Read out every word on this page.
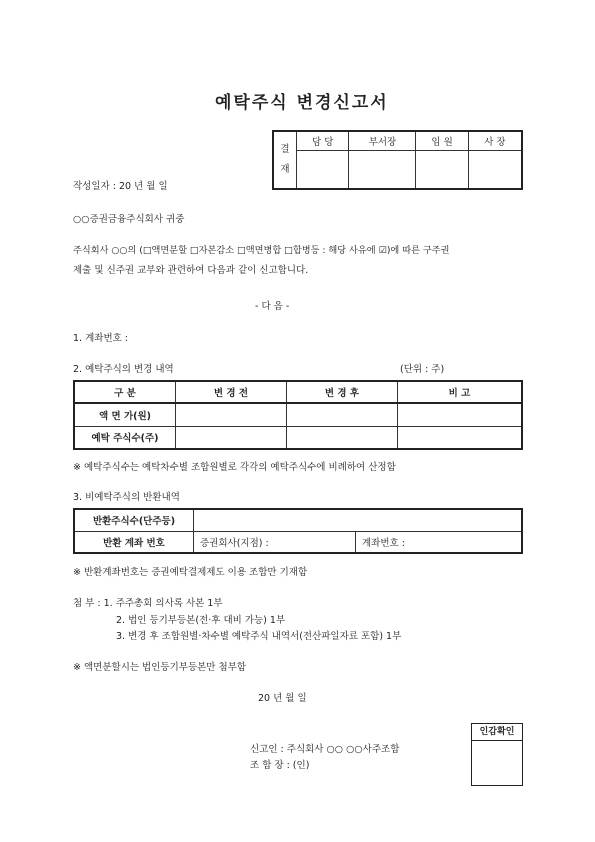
예탁주식 변경신고서
결
재	담 당	부서장	임 원	사 장

작성일자 : 20 년 월 일
○○증권금융주식회사 귀중
주식회사 ○○의 (□액면분할 □자본감소 □액면병합 □합병등 : 해당 사유에 ☑)에 따른 구주권
제출 및 신주권 교부와 관련하여 다음과 같이 신고합니다.
- 다 음 -
1. 계좌번호 :
2. 예탁주식의 변경 내역	(단위 : 주)
구 분	변 경 전	변 경 후	비 고
액 면 가(원)			
예탁 주식수(주)			
※ 예탁주식수는 예탁차수별 조합원별로 각각의 예탁주식수에 비례하여 산정함
3. 비예탁주식의 반환내역
반환주식수(단주등)		
반환 계좌 번호	증권회사(지점) :	계좌번호 :
※ 반환계좌번호는 증권예탁결제제도 이용 조합만 기재함
첨 부 : 1. 주주총회 의사록 사본 1부
2. 법인 등기부등본(전·후 대비 가능) 1부
3. 변경 후 조합원별·차수별 예탁주식 내역서(전산파일자료 포함) 1부
※ 액면분할시는 법인등기부등본만 첨부함
20 년 월 일
신고인 : 주식회사 ○○ ○○사주조합
조 합 장 : (인)
인감확인
